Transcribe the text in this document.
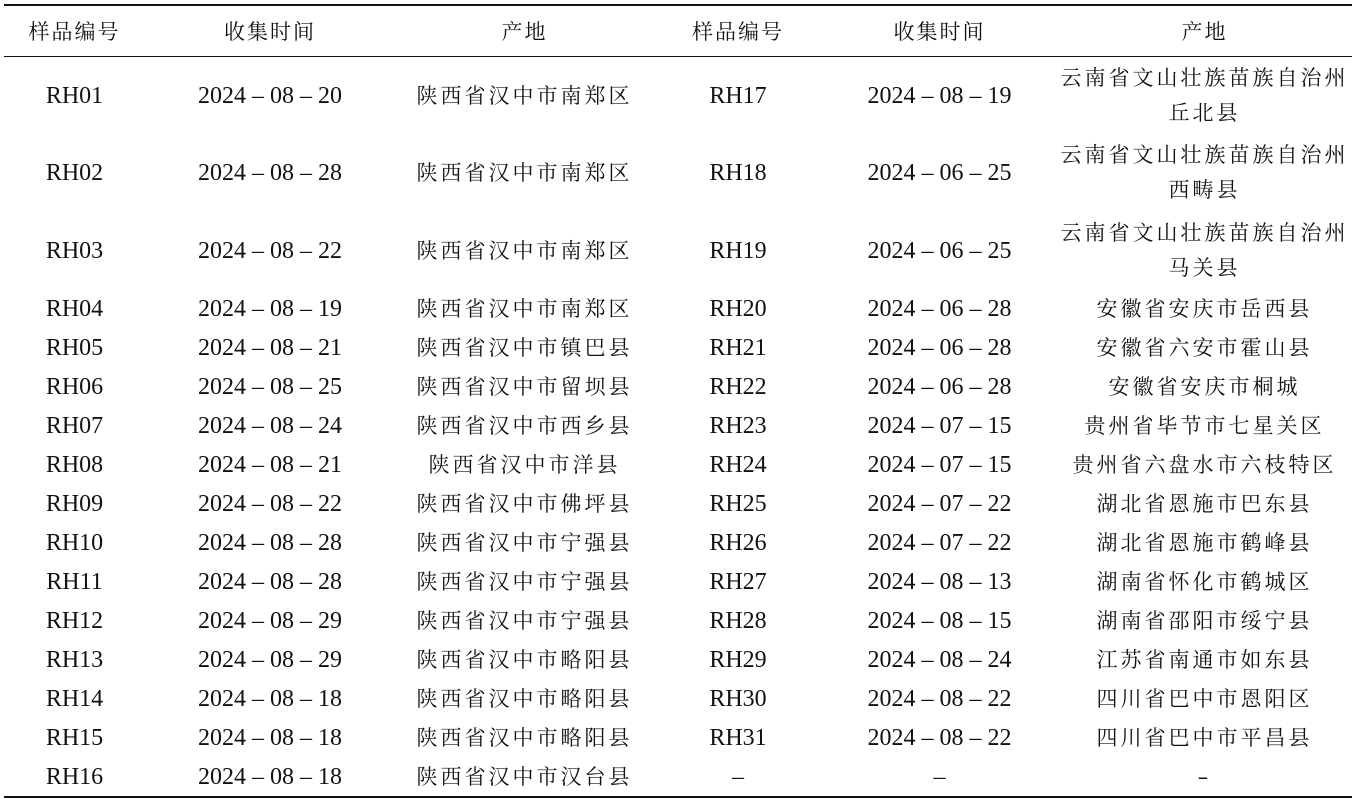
样品编号	收集时间	产地	样品编号	收集时间	产地
RH01	2024 – 08 – 20	陕西省汉中市南郑区	RH17	2024 – 08 – 19	云南省文山壮族苗族自治州丘北县
RH02	2024 – 08 – 28	陕西省汉中市南郑区	RH18	2024 – 06 – 25	云南省文山壮族苗族自治州西畴县
RH03	2024 – 08 – 22	陕西省汉中市南郑区	RH19	2024 – 06 – 25	云南省文山壮族苗族自治州马关县
RH04	2024 – 08 – 19	陕西省汉中市南郑区	RH20	2024 – 06 – 28	安徽省安庆市岳西县
RH05	2024 – 08 – 21	陕西省汉中市镇巴县	RH21	2024 – 06 – 28	安徽省六安市霍山县
RH06	2024 – 08 – 25	陕西省汉中市留坝县	RH22	2024 – 06 – 28	安徽省安庆市桐城
RH07	2024 – 08 – 24	陕西省汉中市西乡县	RH23	2024 – 07 – 15	贵州省毕节市七星关区
RH08	2024 – 08 – 21	陕西省汉中市洋县	RH24	2024 – 07 – 15	贵州省六盘水市六枝特区
RH09	2024 – 08 – 22	陕西省汉中市佛坪县	RH25	2024 – 07 – 22	湖北省恩施市巴东县
RH10	2024 – 08 – 28	陕西省汉中市宁强县	RH26	2024 – 07 – 22	湖北省恩施市鹤峰县
RH11	2024 – 08 – 28	陕西省汉中市宁强县	RH27	2024 – 08 – 13	湖南省怀化市鹤城区
RH12	2024 – 08 – 29	陕西省汉中市宁强县	RH28	2024 – 08 – 15	湖南省邵阳市绥宁县
RH13	2024 – 08 – 29	陕西省汉中市略阳县	RH29	2024 – 08 – 24	江苏省南通市如东县
RH14	2024 – 08 – 18	陕西省汉中市略阳县	RH30	2024 – 08 – 22	四川省巴中市恩阳区
RH15	2024 – 08 – 18	陕西省汉中市略阳县	RH31	2024 – 08 – 22	四川省巴中市平昌县
RH16	2024 – 08 – 18	陕西省汉中市汉台县	–	–	–
